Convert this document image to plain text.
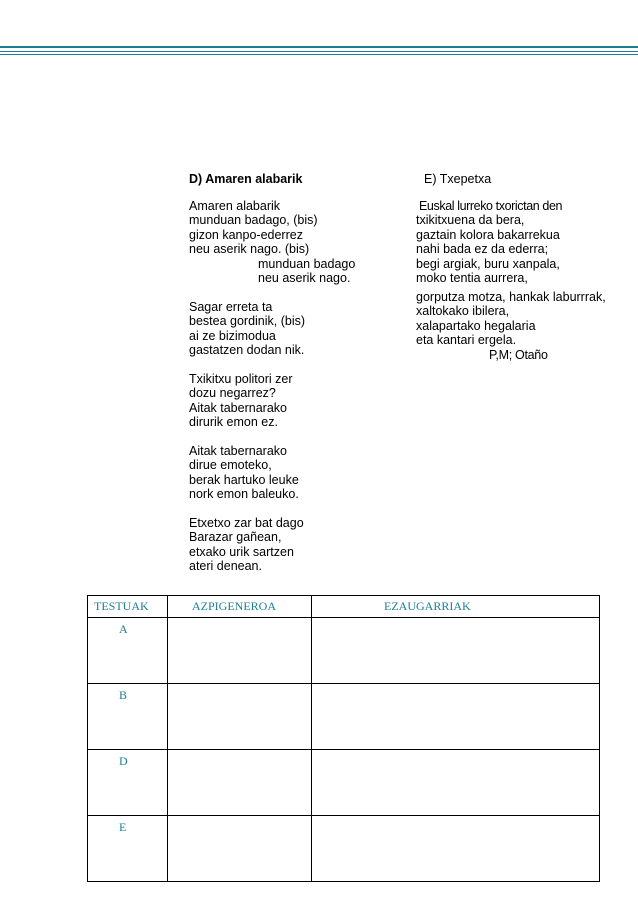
D) Amaren alabarik
Amaren alabarik
munduan badago, (bis)
gizon kanpo-ederrez
neu aserik nago. (bis)
munduan badago
neu aserik nago.
Sagar erreta ta
bestea gordinik, (bis)
ai ze bizimodua
gastatzen dodan nik.
Txikitxu politori zer
dozu negarrez?
Aitak tabernarako
dirurik emon ez.
Aitak tabernarako
dirue emoteko,
berak hartuko leuke
nork emon baleuko.
Etxetxo zar bat dago
Barazar gañean,
etxako urik sartzen
ateri denean.
E) Txepetxa
Euskal lurreko txorictan den
txikitxuena da bera,
gaztain kolora bakarrekua
nahi bada ez da ederra;
begi argiak, buru xanpala,
moko tentia aurrera,
gorputza motza, hankak laburrrak,
xaltokako ibilera,
xalapartako hegalaria
eta kantari ergela.
P,M; Otaño
TESTUAK	AZPIGENEROA	EZAUGARRIAK
A		
B		
D		
E		
